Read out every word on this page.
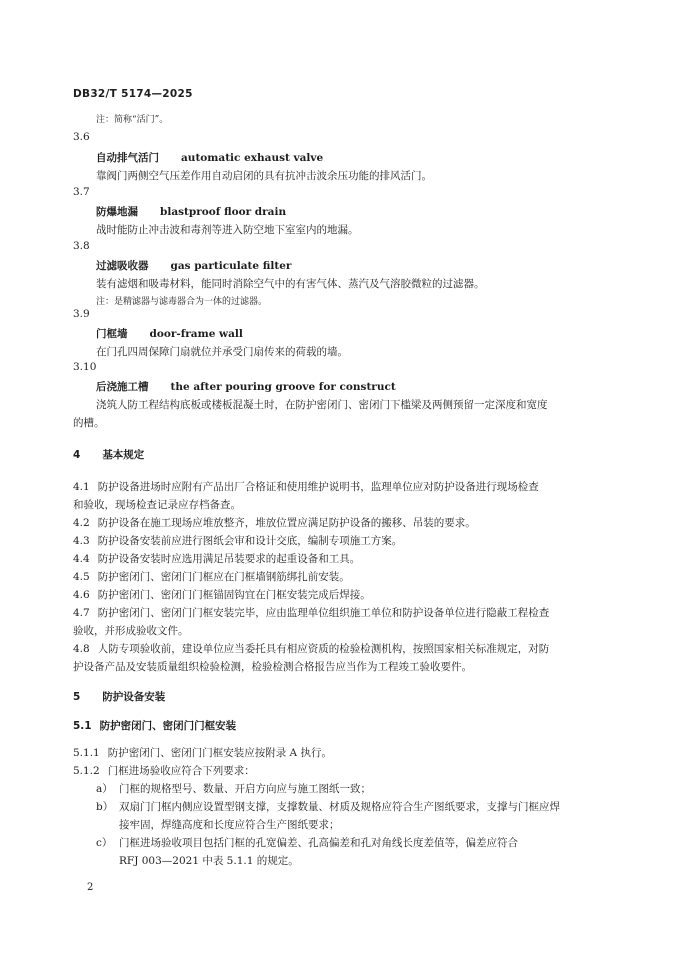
DB32/T 5174—2025
注：简称“活门”。
3.6
自动排气活门 automatic exhaust valve
靠阀门两侧空气压差作用自动启闭的具有抗冲击波余压功能的排风活门。
3.7
防爆地漏 blastproof floor drain
战时能防止冲击波和毒剂等进入防空地下室室内的地漏。
3.8
过滤吸收器 gas particulate filter
装有滤烟和吸毒材料，能同时消除空气中的有害气体、蒸汽及气溶胶微粒的过滤器。
注：是精滤器与滤毒器合为一体的过滤器。
3.9
门框墙 door-frame wall
在门孔四周保障门扇就位并承受门扇传来的荷载的墙。
3.10
后浇施工槽 the after pouring groove for construct
浇筑人防工程结构底板或楼板混凝土时，在防护密闭门、密闭门下槛梁及两侧预留一定深度和宽度
的槽。
4 基本规定
4.1 防护设备进场时应附有产品出厂合格证和使用维护说明书，监理单位应对防护设备进行现场检查
和验收，现场检查记录应存档备查。
4.2 防护设备在施工现场应堆放整齐，堆放位置应满足防护设备的搬移、吊装的要求。
4.3 防护设备安装前应进行图纸会审和设计交底，编制专项施工方案。
4.4 防护设备安装时应选用满足吊装要求的起重设备和工具。
4.5 防护密闭门、密闭门门框应在门框墙钢筋绑扎前安装。
4.6 防护密闭门、密闭门门框锚固钩宜在门框安装完成后焊接。
4.7 防护密闭门、密闭门门框安装完毕，应由监理单位组织施工单位和防护设备单位进行隐蔽工程检查
验收，并形成验收文件。
4.8 人防专项验收前，建设单位应当委托具有相应资质的检验检测机构，按照国家相关标准规定，对防
护设备产品及安装质量组织检验检测，检验检测合格报告应当作为工程竣工验收要件。
5 防护设备安装
5.1 防护密闭门、密闭门门框安装
5.1.1 防护密闭门、密闭门门框安装应按附录 A 执行。
5.1.2 门框进场验收应符合下列要求：
a） 门框的规格型号、数量、开启方向应与施工图纸一致；
b） 双扇门门框内侧应设置型钢支撑，支撑数量、材质及规格应符合生产图纸要求，支撑与门框应焊
接牢固，焊缝高度和长度应符合生产图纸要求；
c） 门框进场验收项目包括门框的孔宽偏差、孔高偏差和孔对角线长度差值等，偏差应符合
RFJ 003—2021 中表 5.1.1 的规定。
2
